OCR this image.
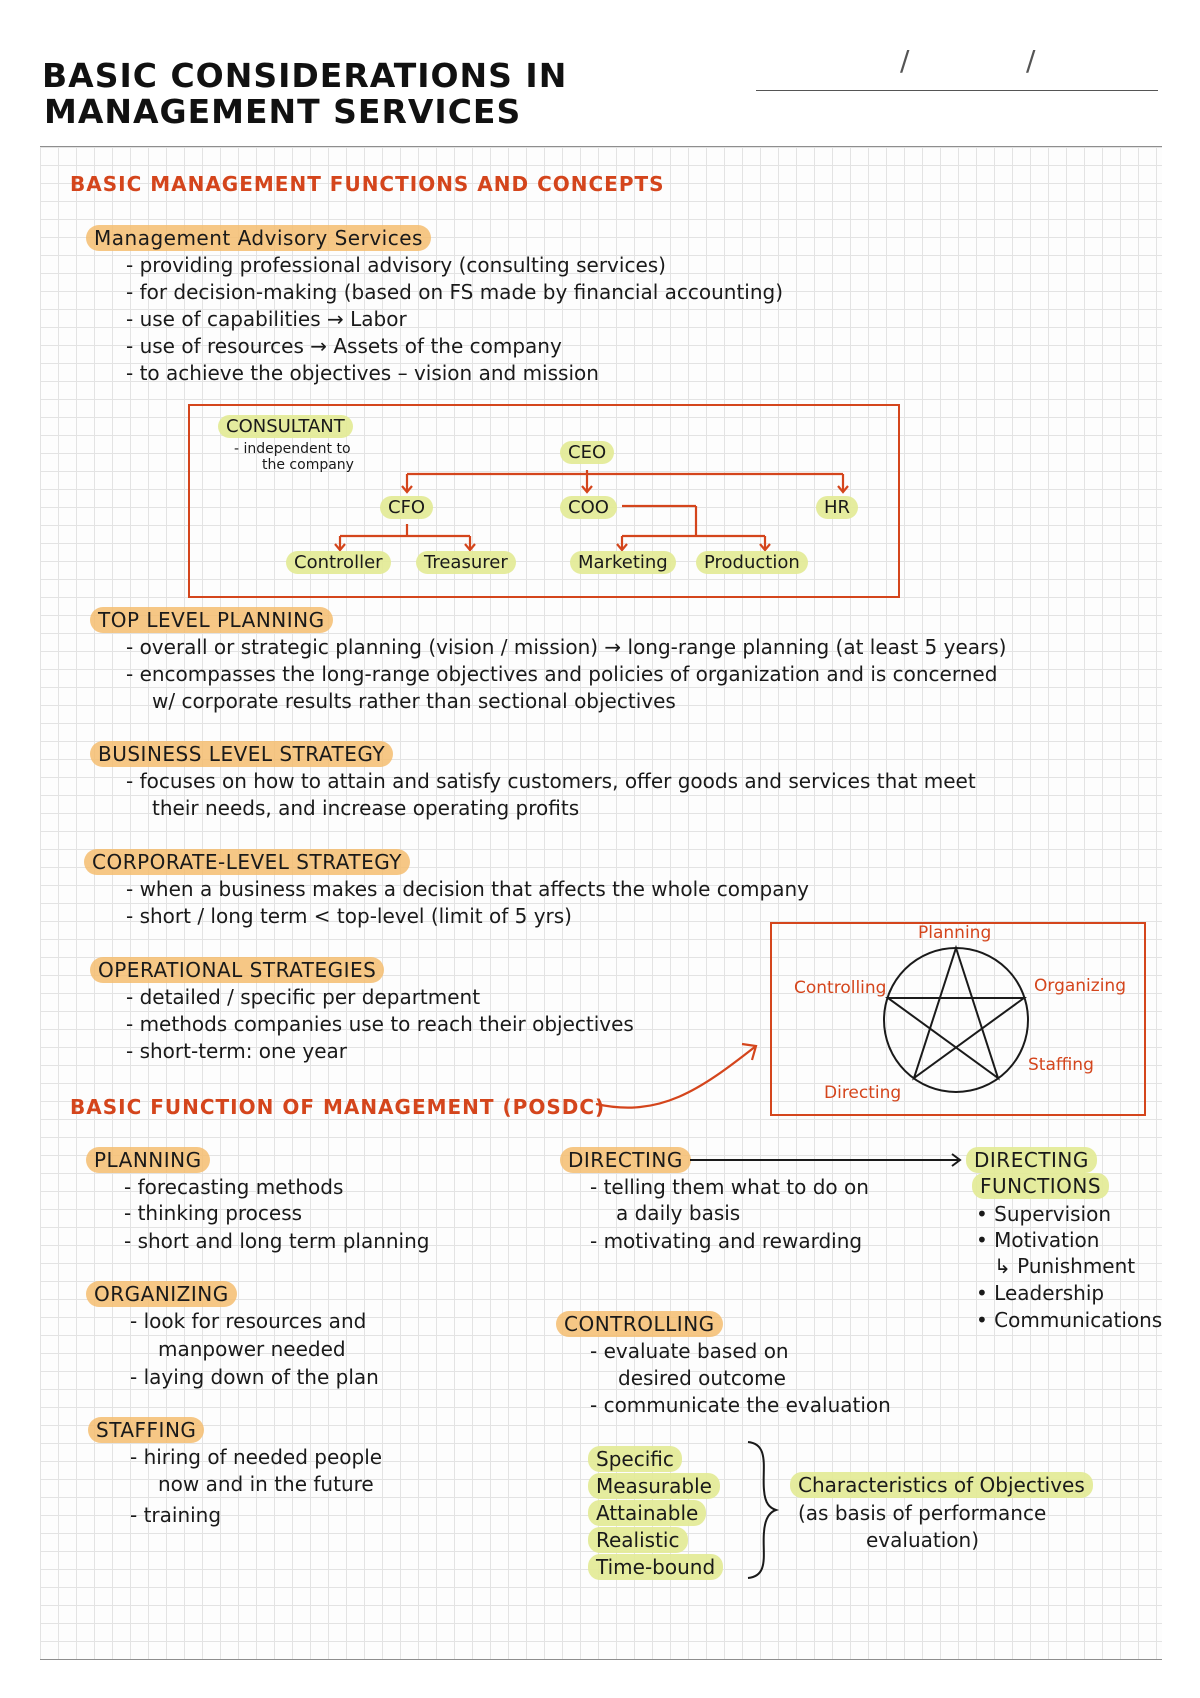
BASIC CONSIDERATIONS IN
MANAGEMENT SERVICES
/	/
BASIC MANAGEMENT FUNCTIONS AND CONCEPTS
Management Advisory Services
- providing professional advisory (consulting services)
- for decision-making (based on FS made by financial accounting)
- use of capabilities → Labor
- use of resources → Assets of the company
- to achieve the objectives – vision and mission
CONSULTANT
- independent to
the company
CEO
CFO	COO	HR
Controller	Treasurer	Marketing	Production
TOP LEVEL PLANNING
- overall or strategic planning (vision / mission) → long-range planning (at least 5 years)
- encompasses the long-range objectives and policies of organization and is concerned
w/ corporate results rather than sectional objectives
BUSINESS LEVEL STRATEGY
- focuses on how to attain and satisfy customers, offer goods and services that meet
their needs, and increase operating profits
CORPORATE-LEVEL STRATEGY
- when a business makes a decision that affects the whole company
- short / long term < top-level (limit of 5 yrs)
OPERATIONAL STRATEGIES
- detailed / specific per department
- methods companies use to reach their objectives
- short-term: one year
Planning
Organizing
Staffing
Directing
Controlling
BASIC FUNCTION OF MANAGEMENT (POSDC)
PLANNING
- forecasting methods
- thinking process
- short and long term planning
ORGANIZING
- look for resources and
manpower needed
- laying down of the plan
STAFFING
- hiring of needed people
now and in the future
- training
DIRECTING
- telling them what to do on
a daily basis
- motivating and rewarding
DIRECTING
FUNCTIONS
• Supervision
• Motivation
↳ Punishment
• Leadership
• Communications
CONTROLLING
- evaluate based on
desired outcome
- communicate the evaluation
Specific
Measurable
Attainable
Realistic
Time-bound
Characteristics of Objectives
(as basis of performance
evaluation)
